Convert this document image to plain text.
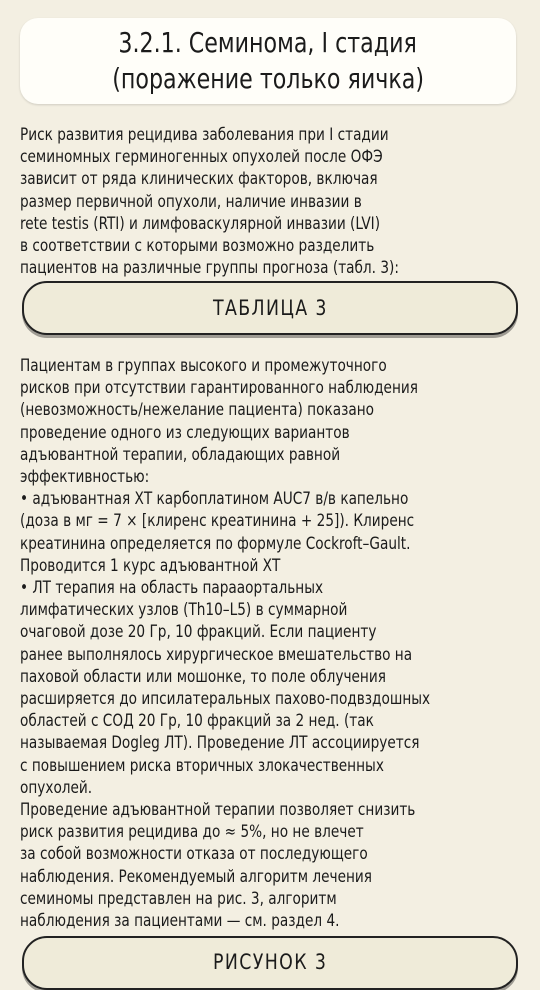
3.2.1. Семинома, I стадия
(поражение только яичка)

Риск развития рецидива заболевания при I стадии

семиномных герминогенных опухолей после ОФЭ

зависит от ряда клинических факторов, включая

размер первичной опухоли, наличие инвазии в

rete testis (RTI) и лимфоваскулярной инвазии (LVI)

в соответствии с которыми возможно разделить

пациентов на различные группы прогноза (табл. 3):

ТАБЛИЦА 3

Пациентам в группах высокого и промежуточного

рисков при отсутствии гарантированного наблюдения

(невозможность/нежелание пациента) показано

проведение одного из следующих вариантов

адъювантной терапии, обладающих равной

эффективностью:

• адъювантная ХТ карбоплатином AUC7 в/в капельно

(доза в мг = 7 × [клиренс креатинина + 25]). Клиренс

креатинина определяется по формуле Cockroft–Gault.

Проводится 1 курс адъювантной ХТ

• ЛТ терапия на область парааортальных

лимфатических узлов (Th10–L5) в суммарной

очаговой дозе 20 Гр, 10 фракций. Если пациенту

ранее выполнялось хирургическое вмешательство на

паховой области или мошонке, то поле облучения

расширяется до ипсилатеральных пахово-подвздошных

областей с СОД 20 Гр, 10 фракций за 2 нед. (так

называемая Dogleg ЛТ). Проведение ЛТ ассоциируется

с повышением риска вторичных злокачественных

опухолей.

Проведение адъювантной терапии позволяет снизить

риск развития рецидива до ≈ 5%, но не влечет

за собой возможности отказа от последующего

наблюдения. Рекомендуемый алгоритм лечения

семиномы представлен на рис. 3, алгоритм

наблюдения за пациентами — см. раздел 4.

РИСУНОК 3
